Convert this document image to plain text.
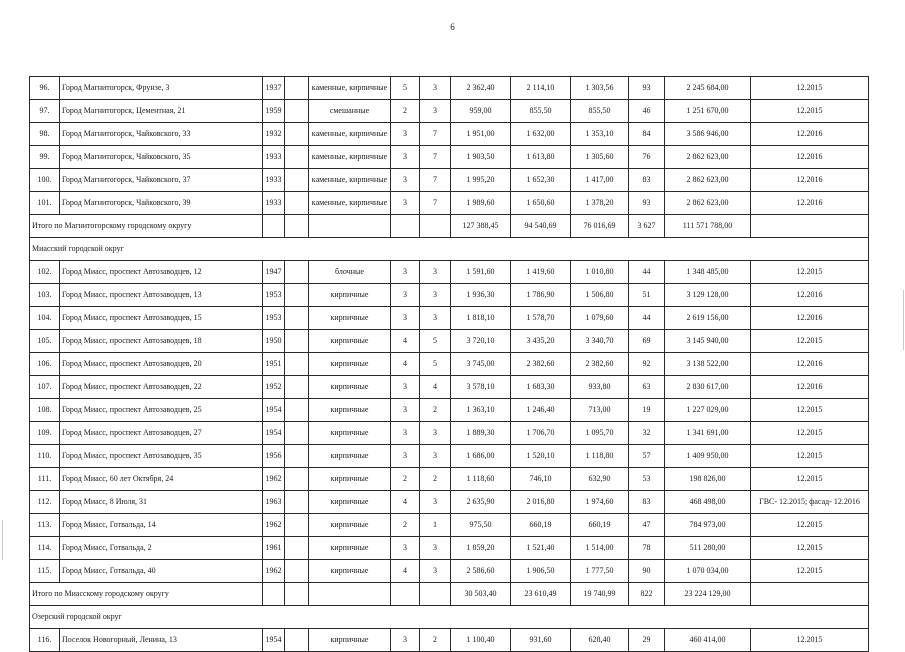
6
96.	Город Магнитогорск, Фрунзе, 3	1937		каменные, кирпичные	5	3	2 362,40	2 114,10	1 303,56	93	2 245 684,00	12.2015
97.	Город Магнитогорск, Цементная, 21	1959		смешанные	2	3	959,00	855,50	855,50	46	1 251 670,00	12.2015
98.	Город Магнитогорск, Чайковского, 33	1932		каменные, кирпичные	3	7	1 951,00	1 632,00	1 353,10	84	3 586 946,00	12.2016
99.	Город Магнитогорск, Чайковского, 35	1933		каменные, кирпичные	3	7	1 903,50	1 613,80	1 305,60	76	2 862 623,00	12.2016
100.	Город Магнитогорск, Чайковского, 37	1933		каменные, кирпичные	3	7	1 995,20	1 652,30	1 417,00	83	2 862 623,00	12.2016
101.	Город Магнитогорск, Чайковского, 39	1933		каменные, кирпичные	3	7	1 989,60	1 650,60	1 378,20	93	2 862 623,00	12.2016
Итого по Магнитогорскому городскому округу							127 388,45	94 540,69	76 016,69	3 627	111 571 788,00	
Миасский городской округ												
102.	Город Миасс, проспект Автозаводцев, 12	1947		блочные	3	3	1 591,60	1 419,60	1 010,80	44	1 348 485,00	12.2015
103.	Город Миасс, проспект Автозаводцев, 13	1953		кирпичные	3	3	1 936,30	1 786,90	1 506,80	51	3 129 128,00	12.2016
104.	Город Миасс, проспект Автозаводцев, 15	1953		кирпичные	3	3	1 818,10	1 578,70	1 079,60	44	2 619 156,00	12.2016
105.	Город Миасс, проспект Автозаводцев, 18	1950		кирпичные	4	5	3 720,10	3 435,20	3 340,70	69	3 145 940,00	12.2015
106.	Город Миасс, проспект Автозаводцев, 20	1951		кирпичные	4	5	3 745,00	2 382,60	2 382,60	92	3 138 522,00	12.2016
107.	Город Миасс, проспект Автозаводцев, 22	1952		кирпичные	3	4	3 578,10	1 683,30	933,80	63	2 830 617,00	12.2016
108.	Город Миасс, проспект Автозаводцев, 25	1954		кирпичные	3	2	1 363,10	1 246,40	713,00	19	1 227 029,00	12.2015
109.	Город Миасс, проспект Автозаводцев, 27	1954		кирпичные	3	3	1 889,30	1 706,70	1 095,70	32	1 341 691,00	12.2015
110.	Город Миасс, проспект Автозаводцев, 35	1956		кирпичные	3	3	1 686,00	1 520,10	1 118,80	57	1 409 950,00	12.2015
111.	Город Миасс, 60 лет Октября, 24	1962		кирпичные	2	2	1 118,60	746,10	632,90	53	198 826,00	12.2015
112.	Город Миасс, 8 Июля, 31	1963		кирпичные	4	3	2 635,90	2 016,80	1 974,60	83	468 498,00	ГВС- 12.2015; фасад- 12.2016
113.	Город Миасс, Готвальда, 14	1962		кирпичные	2	1	975,50	660,19	660,19	47	784 973,00	12.2015
114.	Город Миасс, Готвальда, 2	1961		кирпичные	3	3	1 859,20	1 521,40	1 514,00	78	511 280,00	12.2015
115.	Город Миасс, Готвальда, 40	1962		кирпичные	4	3	2 586,60	1 906,50	1 777,50	90	1 070 034,00	12.2015
Итого по Миасскому городскому округу							30 503,40	23 610,49	19 740,99	822	23 224 129,00	
Озерский городской округ												
116.	Поселок Новогорный, Ленина, 13	1954		кирпичные	3	2	1 100,40	931,60	628,40	29	460 414,00	12.2015
